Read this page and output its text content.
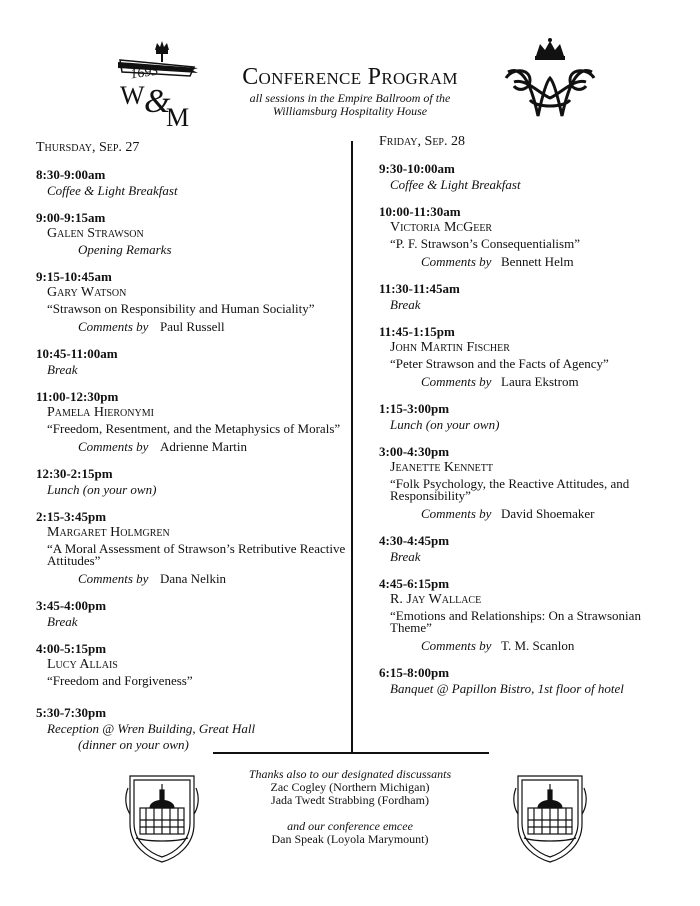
1693
W &
M
Conference Program
all sessions in the Empire Ballroom of the
Williamsburg Hospitality House
Thursday, Sep. 27
8:30-9:00am
Coffee & Light Breakfast
9:00-9:15am
Galen Strawson
Opening Remarks
9:15-10:45am
Gary Watson
“Strawson on Responsibility and Human Sociality”
Comments by Paul Russell
10:45-11:00am
Break
11:00-12:30pm
Pamela Hieronymi
“Freedom, Resentment, and the Metaphysics of Morals”
Comments by Adrienne Martin
12:30-2:15pm
Lunch (on your own)
2:15-3:45pm
Margaret Holmgren
“A Moral Assessment of Strawson’s Retributive Reactive
Attitudes”
Comments by Dana Nelkin
3:45-4:00pm
Break
4:00-5:15pm
Lucy Allais
“Freedom and Forgiveness”
5:30-7:30pm
Reception @ Wren Building, Great Hall
(dinner on your own)
Friday, Sep. 28
9:30-10:00am
Coffee & Light Breakfast
10:00-11:30am
Victoria McGeer
“P. F. Strawson’s Consequentialism”
Comments by Bennett Helm
11:30-11:45am
Break
11:45-1:15pm
John Martin Fischer
“Peter Strawson and the Facts of Agency”
Comments by Laura Ekstrom
1:15-3:00pm
Lunch (on your own)
3:00-4:30pm
Jeanette Kennett
“Folk Psychology, the Reactive Attitudes, and
Responsibility”
Comments by David Shoemaker
4:30-4:45pm
Break
4:45-6:15pm
R. Jay Wallace
“Emotions and Relationships: On a Strawsonian
Theme”
Comments by T. M. Scanlon
6:15-8:00pm
Banquet @ Papillon Bistro, 1st floor of hotel
Thanks also to our designated discussants
Zac Cogley (Northern Michigan)
Jada Twedt Strabbing (Fordham)
and our conference emcee
Dan Speak (Loyola Marymount)
